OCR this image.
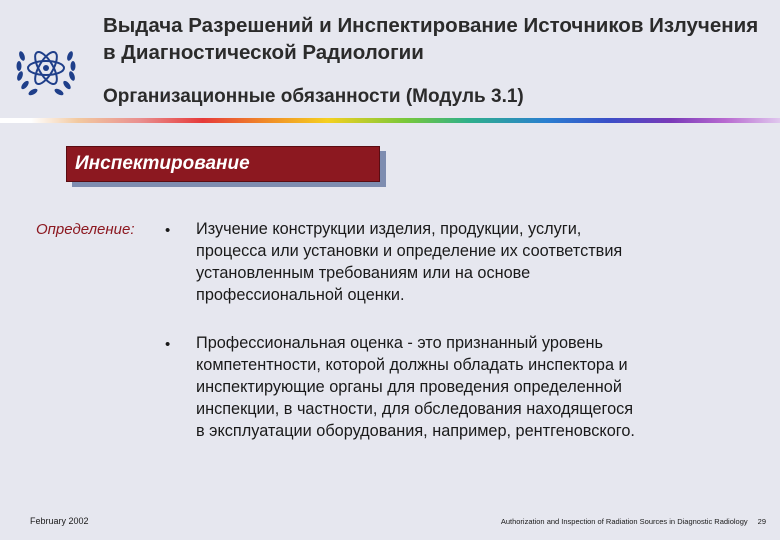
Выдача Разрешений и Инспектирование Источников Излучения в Диагностической Радиологии
Организационные обязанности (Модуль 3.1)
Инспектирование
Определение: • Изучение конструкции изделия, продукции, услуги,
процесса или установки и определение их соответствия
установленным требованиям или на основе
профессиональной оценки.
• Профессиональная оценка - это признанный уровень
компетентности, которой должны обладать инспектора и
инспектирующие органы для проведения определенной
инспекции, в частности, для обследования находящегося
в эксплуатации оборудования, например, рентгеновского.
February 2002	Authorization and Inspection of Radiation Sources in Diagnostic Radiology 29
